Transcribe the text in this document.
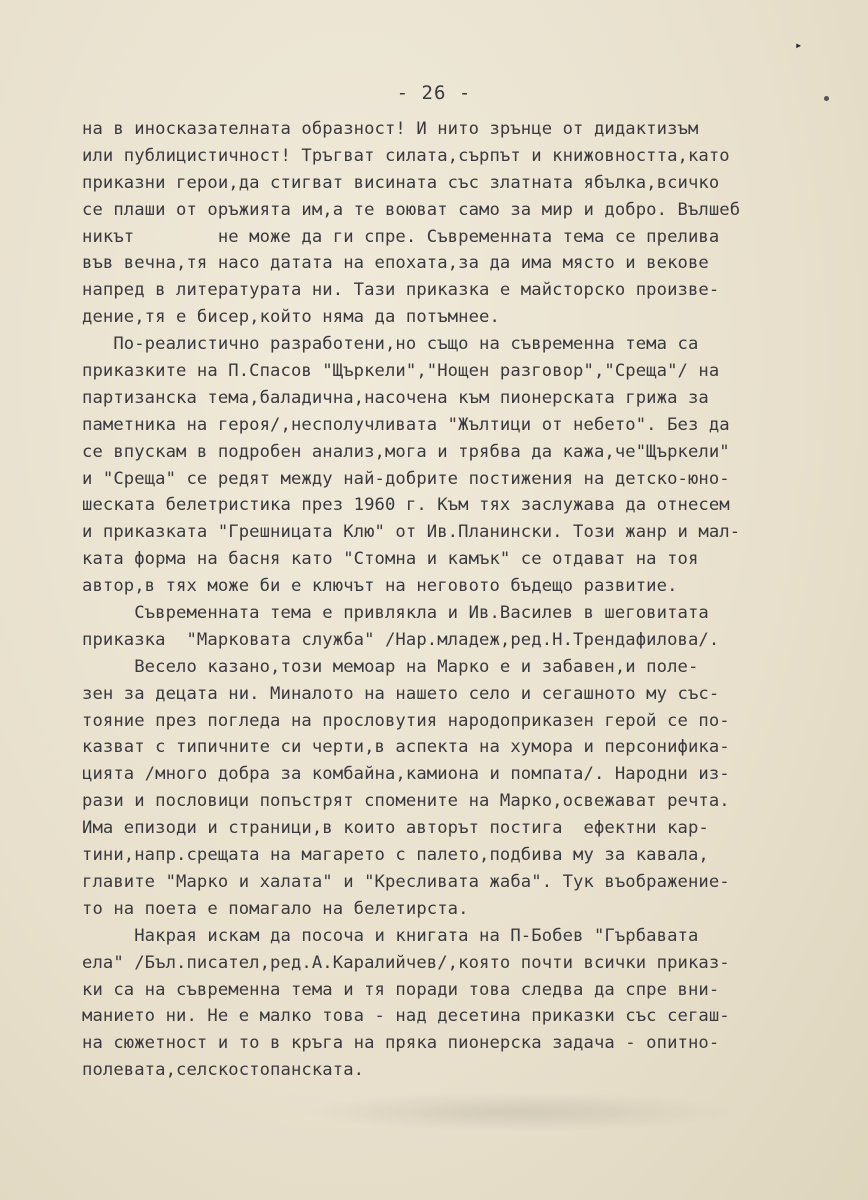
▸
- 26 -
на в иносказателната образност! И нито зрънце от дидактизъм
или публицистичност! Тръгват силата,сърпът и книжовността,като
приказни герои,да стигват висината със златната ябълка,всичко
се плаши от оръжията им,а те воюват само за мир и добро. Вълшеб
никът        не може да ги спре. Съвременната тема се прелива
във вечна,тя насо датата на епохата,за да има място и векове
напред в литературата ни. Тази приказка е майсторско произве-
дение,тя е бисер,който няма да потъмнее.
По-реалистично разработени,но също на съвременна тема са
приказките на П.Спасов "Щъркели","Нощен разговор","Среща"/ на
партизанска тема,баладична,насочена към пионерската грижа за
паметника на героя/,несполучливата "Жълтици от небето". Без да
се впускам в подробен анализ,мога и трябва да кажа,че"Щъркели"
и "Среща" се редят между най-добрите постижения на детско-юно-
шеската белетристика през 1960 г. Към тях заслужава да отнесем
и приказката "Грешницата Клю" от Ив.Планински. Този жанр и мал-
ката форма на басня като "Стомна и камък" се отдават на тоя
автор,в тях може би е ключът на неговото бъдещо развитие.
Съвременната тема е привлякла и Ив.Василев в шеговитата
приказка  "Марковата служба" /Нар.младеж,ред.Н.Трендафилова/.
Весело казано,този мемоар на Марко е и забавен,и поле-
зен за децата ни. Миналото на нашето село и сегашното му със-
тояние през погледа на прословутия народоприказен герой се по-
казват с типичните си черти,в аспекта на хумора и персонифика-
цията /много добра за комбайна,камиона и помпата/. Народни из-
рази и пословици попъстрят спомените на Марко,освежават речта.
Има епизоди и страници,в които авторът постига  ефектни кар-
тини,напр.срещата на магарето с палето,подбива му за кавала,
главите "Марко и халата" и "Кресливата жаба". Тук въображение-
то на поета е помагало на белетирста.
Накрая искам да посоча и книгата на П-Бобев "Гърбавата
ела" /Бъл.писател,ред.А.Каралийчев/,която почти всички приказ-
ки са на съвременна тема и тя поради това следва да спре вни-
манието ни. Не е малко това - над десетина приказки със сегаш-
на сюжетност и то в кръга на пряка пионерска задача - опитно-
полевата,селскостопанската.
